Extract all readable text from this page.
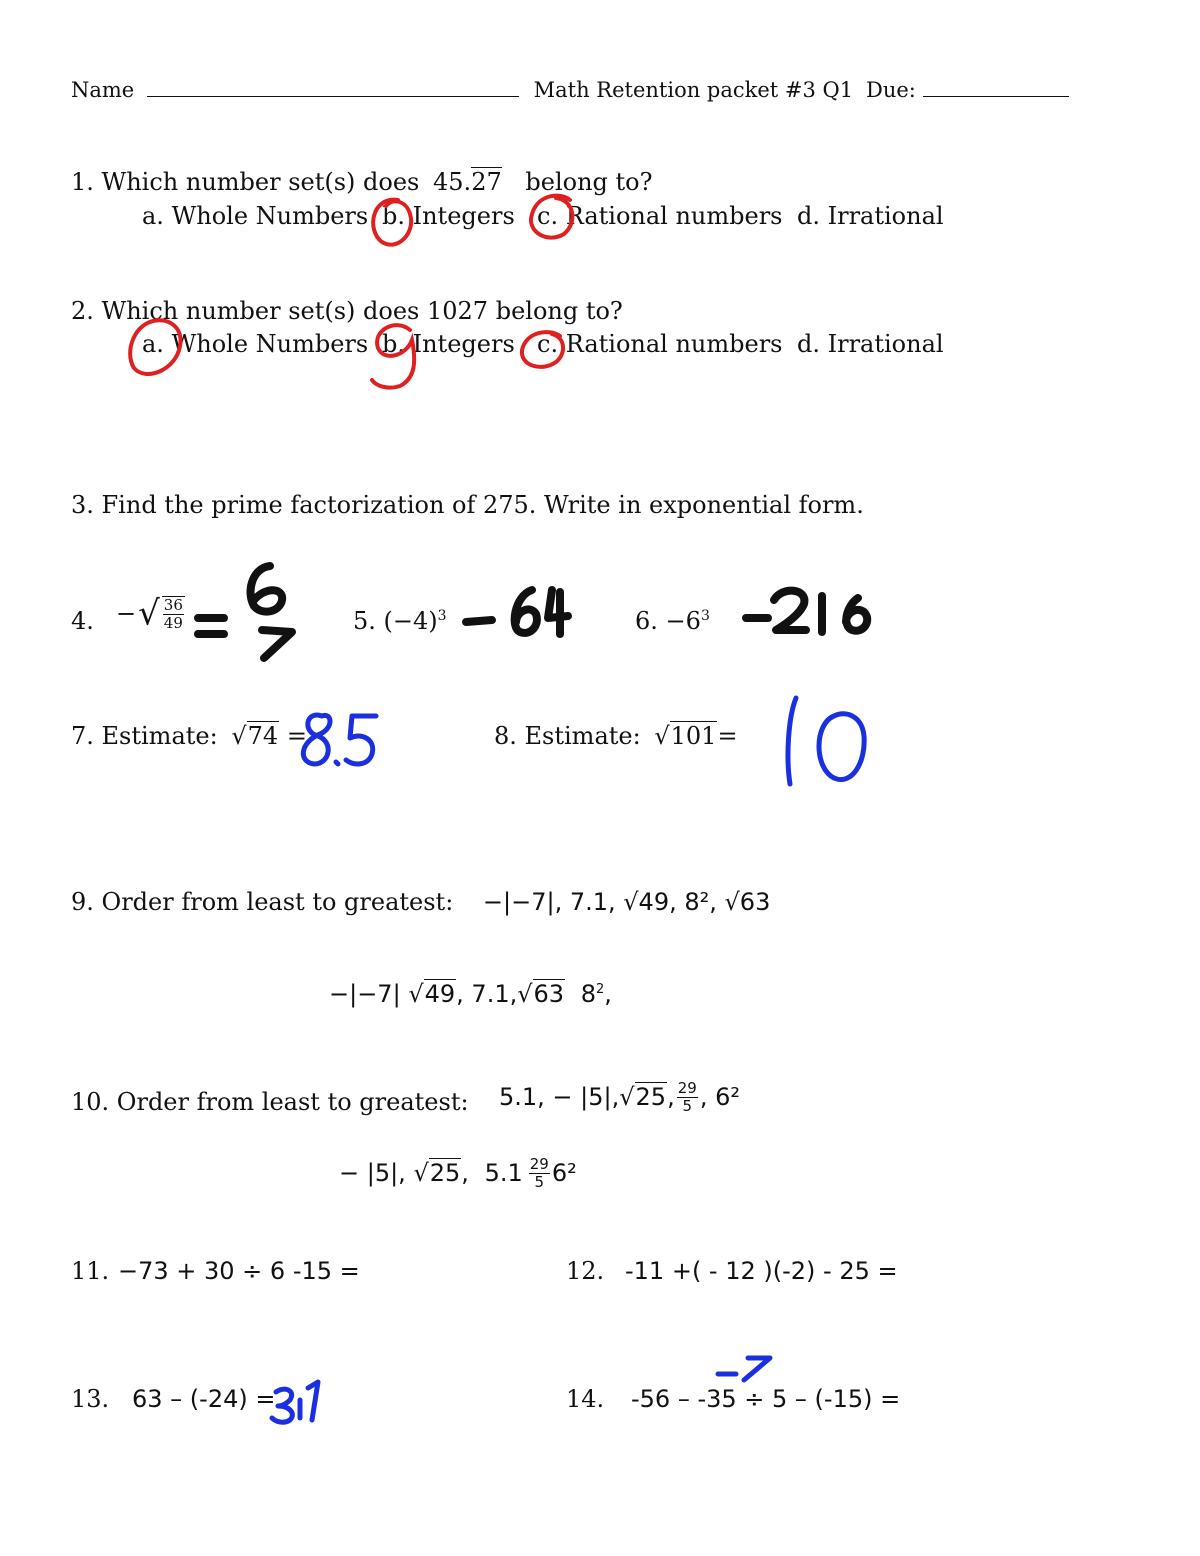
Name	Math Retention packet #3 Q1 Due:
1. Which number set(s) does 45.27 belong to?
a. Whole Numbers b. Integers c. Rational numbers d. Irrational
2. Which number set(s) does 1027 belong to?
a. Whole Numbers b. Integers c. Rational numbers d. Irrational
3. Find the prime factorization of 275. Write in exponential form.
4. −√ $\frac{36}{49}$	5. $(-4)^3$	6. $-6^3$
7. Estimate: √74 =	8. Estimate: √101=
9. Order from least to greatest: −|−7|, 7.1, √49, 8², √63
−|−7| √49, 7.1,√63 $8^2$,
10. Order from least to greatest: 5.1, − |5|,√25, $\frac{29}{5}$ , 6²
− |5|, √25, $5.1 \frac{29}{5} 6^2$
11. −73 + 30 ÷ 6 -15 =	12. -11 +( - 12 )(-2) - 25 =
13. 63 – (-24) =	14. -56 – -35 ÷ 5 – (-15) =
